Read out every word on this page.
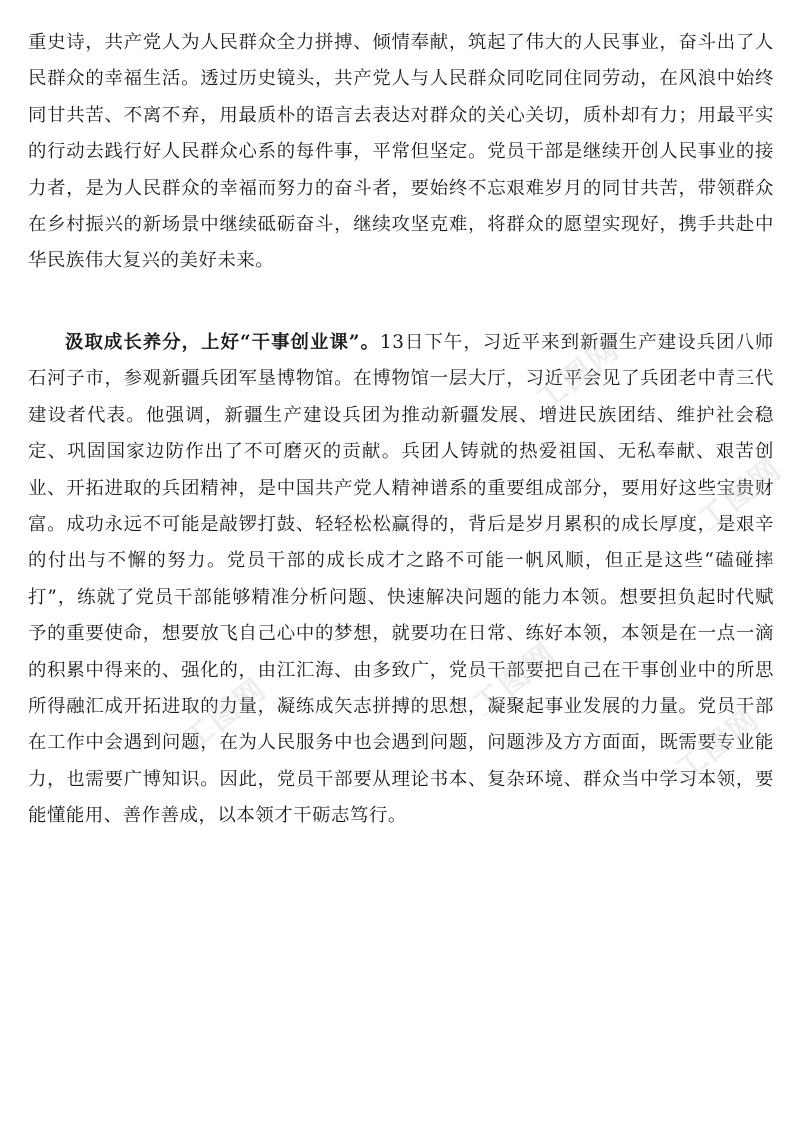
重史诗，共产党人为人民群众全力拼搏、倾情奉献，筑起了伟大的人民事业，奋斗出了人民群众的幸福生活。透过历史镜头，共产党人与人民群众同吃同住同劳动，在风浪中始终同甘共苦、不离不弃，用最质朴的语言去表达对群众的关心关切，质朴却有力；用最平实的行动去践行好人民群众心系的每件事，平常但坚定。党员干部是继续开创人民事业的接力者，是为人民群众的幸福而努力的奋斗者，要始终不忘艰难岁月的同甘共苦，带领群众在乡村振兴的新场景中继续砥砺奋斗，继续攻坚克难，将群众的愿望实现好，携手共赴中华民族伟大复兴的美好未来。

汲取成长养分，上好“干事创业课”。13日下午，习近平来到新疆生产建设兵团八师石河子市，参观新疆兵团军垦博物馆。在博物馆一层大厅，习近平会见了兵团老中青三代建设者代表。他强调，新疆生产建设兵团为推动新疆发展、增进民族团结、维护社会稳定、巩固国家边防作出了不可磨灭的贡献。兵团人铸就的热爱祖国、无私奉献、艰苦创业、开拓进取的兵团精神，是中国共产党人精神谱系的重要组成部分，要用好这些宝贵财富。成功永远不可能是敲锣打鼓、轻轻松松赢得的，背后是岁月累积的成长厚度，是艰辛的付出与不懈的努力。党员干部的成长成才之路不可能一帆风顺，但正是这些“磕碰摔打”，练就了党员干部能够精准分析问题、快速解决问题的能力本领。想要担负起时代赋予的重要使命，想要放飞自己心中的梦想，就要功在日常、练好本领，本领是在一点一滴的积累中得来的、强化的，由江汇海、由多致广，党员干部要把自己在干事创业中的所思所得融汇成开拓进取的力量，凝练成矢志拼搏的思想，凝聚起事业发展的力量。党员干部在工作中会遇到问题，在为人民服务中也会遇到问题，问题涉及方方面面，既需要专业能力，也需要广博知识。因此，党员干部要从理论书本、复杂环境、群众当中学习本领，要能懂能用、善作善成，以本领才干砺志笃行。

工图网
工图网
工图网
工图网
工图网
